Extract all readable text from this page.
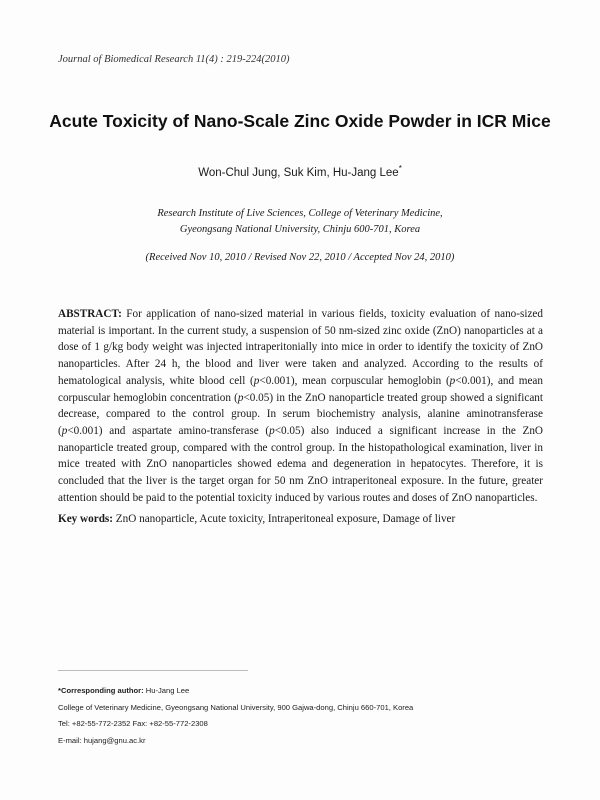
Journal of Biomedical Research 11(4) : 219-224(2010)
Acute Toxicity of Nano-Scale Zinc Oxide Powder in ICR Mice
Won-Chul Jung, Suk Kim, Hu-Jang Lee*
Research Institute of Live Sciences, College of Veterinary Medicine,
Gyeongsang National University, Chinju 600-701, Korea
(Received Nov 10, 2010 / Revised Nov 22, 2010 / Accepted Nov 24, 2010)
ABSTRACT: For application of nano-sized material in various fields, toxicity evaluation of nano-sized material is important. In the current study, a suspension of 50 nm-sized zinc oxide (ZnO) nanoparticles at a dose of 1 g/kg body weight was injected intraperitonially into mice in order to identify the toxicity of ZnO nanoparticles. After 24 h, the blood and liver were taken and analyzed. According to the results of hematological analysis, white blood cell (p<0.001), mean corpuscular hemoglobin (p<0.001), and mean corpuscular hemoglobin concentration (p<0.05) in the ZnO nanoparticle treated group showed a significant decrease, compared to the control group. In serum biochemistry analysis, alanine aminotransferase (p<0.001) and aspartate amino-transferase (p<0.05) also induced a significant increase in the ZnO nanoparticle treated group, compared with the control group. In the histopathological examination, liver in mice treated with ZnO nanoparticles showed edema and degeneration in hepatocytes. Therefore, it is concluded that the liver is the target organ for 50 nm ZnO intraperitoneal exposure. In the future, greater attention should be paid to the potential toxicity induced by various routes and doses of ZnO nanoparticles.
Key words: ZnO nanoparticle, Acute toxicity, Intraperitoneal exposure, Damage of liver
*Corresponding author: Hu-Jang Lee
College of Veterinary Medicine, Gyeongsang National University, 900 Gajwa-dong, Chinju 660-701, Korea
Tel: +82-55-772-2352 Fax: +82-55-772-2308
E-mail: hujang@gnu.ac.kr
